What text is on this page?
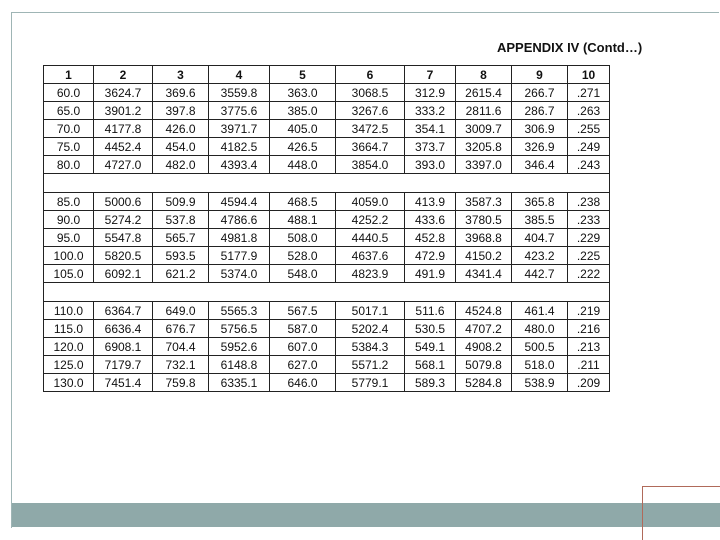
APPENDIX IV (Contd…)
1	2	3	4	5	6	7	8	9	10
60.0	3624.7	369.6	3559.8	363.0	3068.5	312.9	2615.4	266.7	.271
65.0	3901.2	397.8	3775.6	385.0	3267.6	333.2	2811.6	286.7	.263
70.0	4177.8	426.0	3971.7	405.0	3472.5	354.1	3009.7	306.9	.255
75.0	4452.4	454.0	4182.5	426.5	3664.7	373.7	3205.8	326.9	.249
80.0	4727.0	482.0	4393.4	448.0	3854.0	393.0	3397.0	346.4	.243

85.0	5000.6	509.9	4594.4	468.5	4059.0	413.9	3587.3	365.8	.238
90.0	5274.2	537.8	4786.6	488.1	4252.2	433.6	3780.5	385.5	.233
95.0	5547.8	565.7	4981.8	508.0	4440.5	452.8	3968.8	404.7	.229
100.0	5820.5	593.5	5177.9	528.0	4637.6	472.9	4150.2	423.2	.225
105.0	6092.1	621.2	5374.0	548.0	4823.9	491.9	4341.4	442.7	.222

110.0	6364.7	649.0	5565.3	567.5	5017.1	511.6	4524.8	461.4	.219
115.0	6636.4	676.7	5756.5	587.0	5202.4	530.5	4707.2	480.0	.216
120.0	6908.1	704.4	5952.6	607.0	5384.3	549.1	4908.2	500.5	.213
125.0	7179.7	732.1	6148.8	627.0	5571.2	568.1	5079.8	518.0	.211
130.0	7451.4	759.8	6335.1	646.0	5779.1	589.3	5284.8	538.9	.209
